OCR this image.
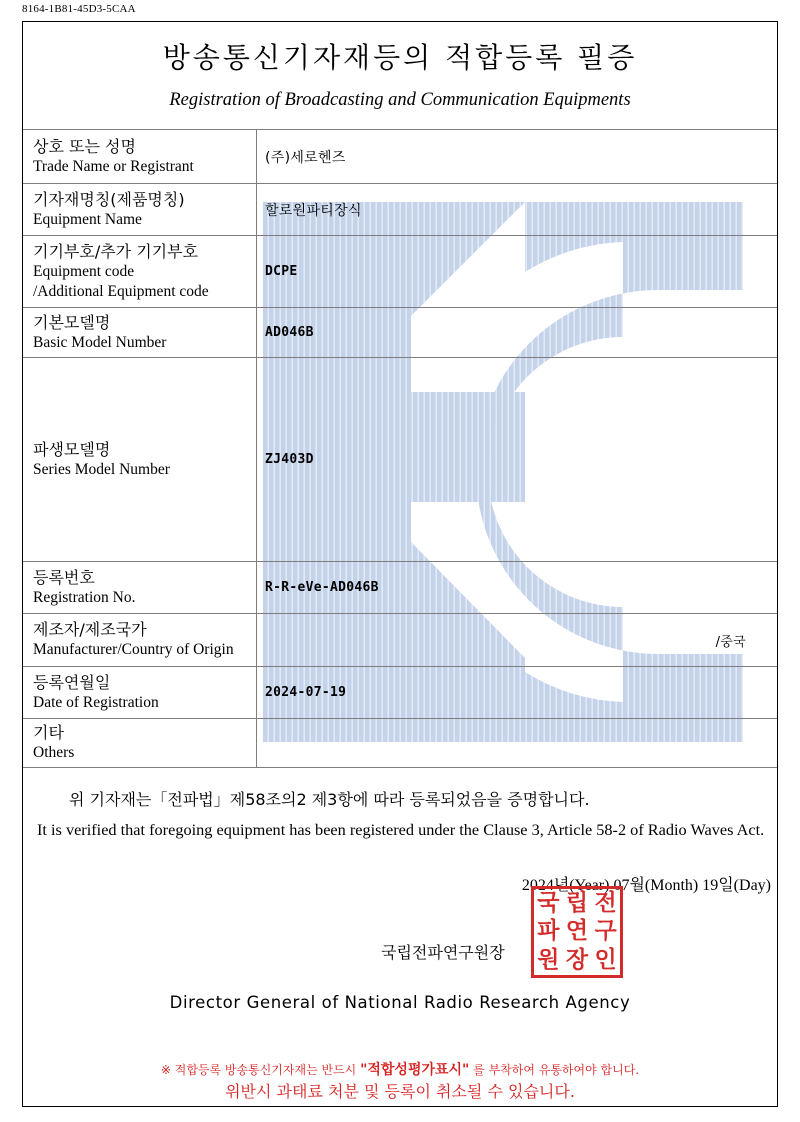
8164-1B81-45D3-5CAA
방송통신기자재등의 적합등록 필증
Registration of Broadcasting and Communication Equipments
상호 또는 성명
Trade Name or Registrant	(주)세로헨즈

기자재명칭(제품명칭)
Equipment Name	할로원파티장식

기기부호/추가 기기부호
Equipment code
/Additional Equipment code	DCPE

기본모델명
Basic Model Number	AD046B

파생모델명
Series Model Number	ZJ403D

등록번호
Registration No.	R-R-eVe-AD046B

제조자/제조국가
Manufacturer/Country of Origin	/중국

등록연월일
Date of Registration	2024-07-19

기타
Others	

위 기자재는「전파법」제58조의2 제3항에 따라 등록되었음을 증명합니다.
It is verified that foregoing equipment has been registered under the Clause 3, Article 58-2 of Radio Waves Act.
2024년(Year) 07월(Month) 19일(Day)
국립전파연구원장
국 립 전
파 연 구
원 장 인
Director General of National Radio Research Agency
※ 적합등록 방송통신기자재는 반드시 "적합성평가표시" 를 부착하여 유통하여야 합니다.
위반시 과태료 처분 및 등록이 취소될 수 있습니다.
